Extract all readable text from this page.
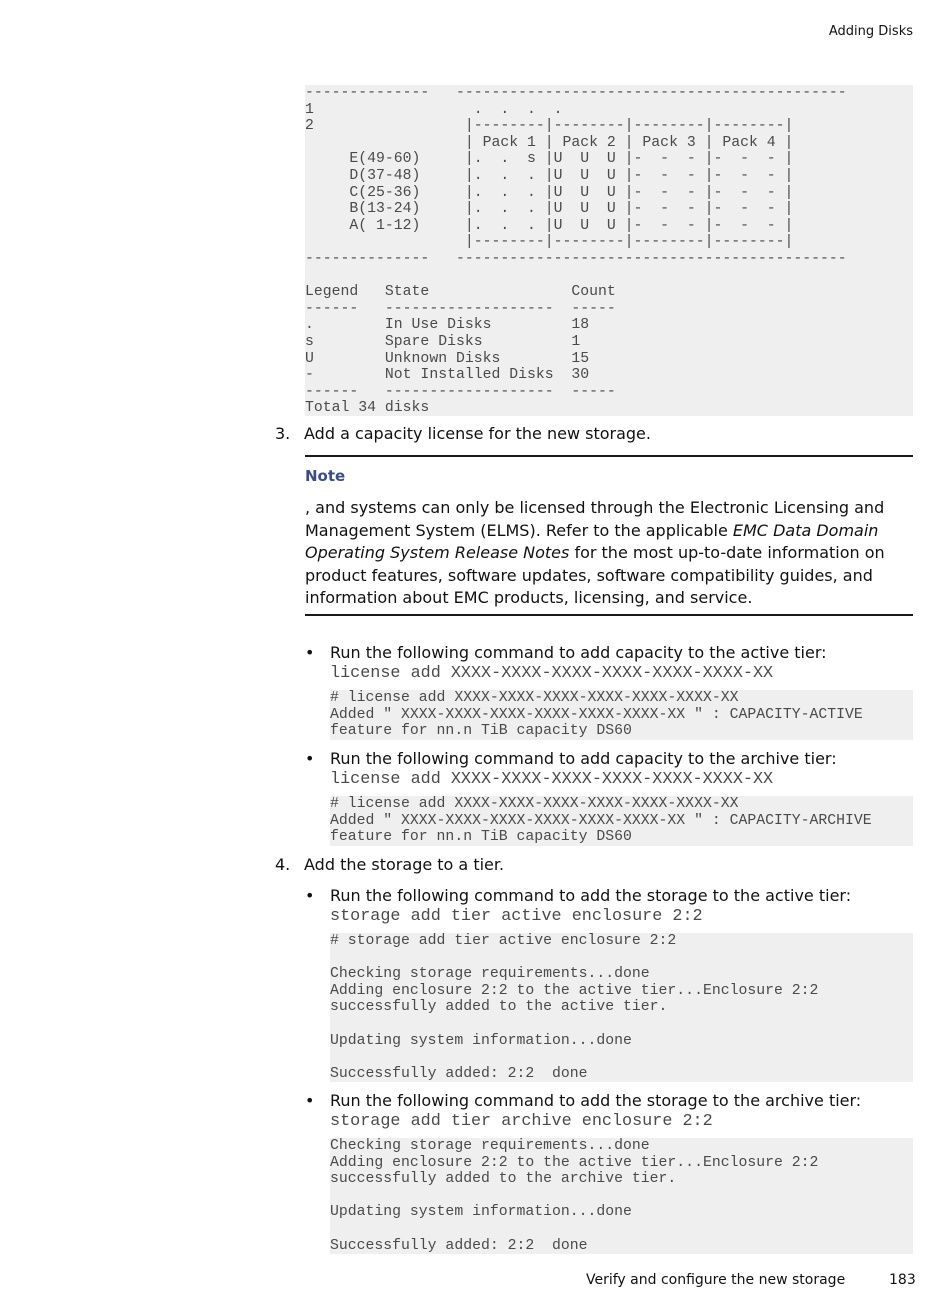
Adding Disks
--------------   --------------------------------------------
1                  .  .  .  .
2                 |--------|--------|--------|--------|
| Pack 1 | Pack 2 | Pack 3 | Pack 4 |
E(49-60)     |.  .  s |U  U  U |-  -  - |-  -  - |
D(37-48)     |.  .  . |U  U  U |-  -  - |-  -  - |
C(25-36)     |.  .  . |U  U  U |-  -  - |-  -  - |
B(13-24)     |.  .  . |U  U  U |-  -  - |-  -  - |
A( 1-12)     |.  .  . |U  U  U |-  -  - |-  -  - |
|--------|--------|--------|--------|
--------------   --------------------------------------------

Legend   State                Count
------   -------------------  -----
.        In Use Disks         18
s        Spare Disks          1
U        Unknown Disks        15
-        Not Installed Disks  30
------   -------------------  -----
Total 34 disks
3. Add a capacity license for the new storage.
Note

, and systems can only be licensed through the Electronic Licensing and Management System (ELMS). Refer to the applicable EMC Data Domain Operating System Release Notes for the most up-to-date information on product features, software updates, software compatibility guides, and information about EMC products, licensing, and service.

• Run the following command to add capacity to the active tier:
license add XXXX-XXXX-XXXX-XXXX-XXXX-XXXX-XX
# license add XXXX-XXXX-XXXX-XXXX-XXXX-XXXX-XX
Added " XXXX-XXXX-XXXX-XXXX-XXXX-XXXX-XX " : CAPACITY-ACTIVE
feature for nn.n TiB capacity DS60
• Run the following command to add capacity to the archive tier:
license add XXXX-XXXX-XXXX-XXXX-XXXX-XXXX-XX
# license add XXXX-XXXX-XXXX-XXXX-XXXX-XXXX-XX
Added " XXXX-XXXX-XXXX-XXXX-XXXX-XXXX-XX " : CAPACITY-ARCHIVE
feature for nn.n TiB capacity DS60
4. Add the storage to a tier.
• Run the following command to add the storage to the active tier:
storage add tier active enclosure 2:2
# storage add tier active enclosure 2:2

Checking storage requirements...done
Adding enclosure 2:2 to the active tier...Enclosure 2:2
successfully added to the active tier.

Updating system information...done

Successfully added: 2:2  done
• Run the following command to add the storage to the archive tier:
storage add tier archive enclosure 2:2
Checking storage requirements...done
Adding enclosure 2:2 to the active tier...Enclosure 2:2
successfully added to the archive tier.

Updating system information...done

Successfully added: 2:2  done
Verify and configure the new storage	183
